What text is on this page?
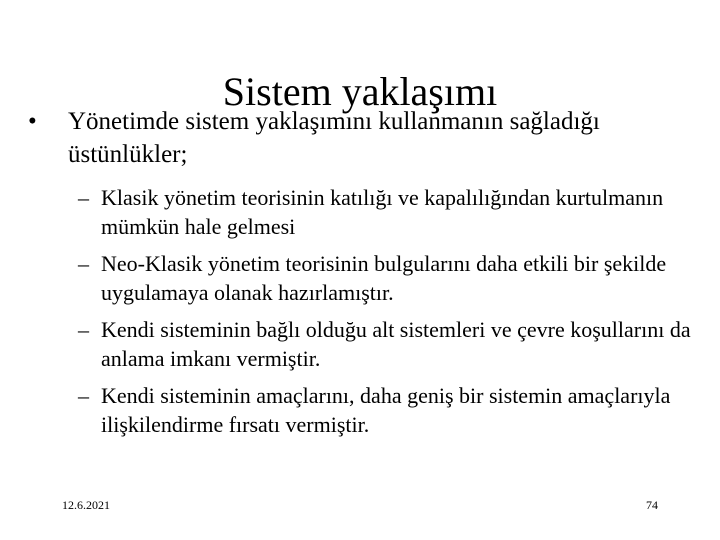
Sistem yaklaşımı
• Yönetimde sistem yaklaşımını kullanmanın sağladığı üstünlükler;
– Klasik yönetim teorisinin katılığı ve kapalılığından kurtulmanın mümkün hale gelmesi
– Neo-Klasik yönetim teorisinin bulgularını daha etkili bir şekilde uygulamaya olanak hazırlamıştır.
– Kendi sisteminin bağlı olduğu alt sistemleri ve çevre koşullarını da anlama imkanı vermiştir.
– Kendi sisteminin amaçlarını, daha geniş bir sistemin amaçlarıyla ilişkilendirme fırsatı vermiştir.
12.6.2021	74
